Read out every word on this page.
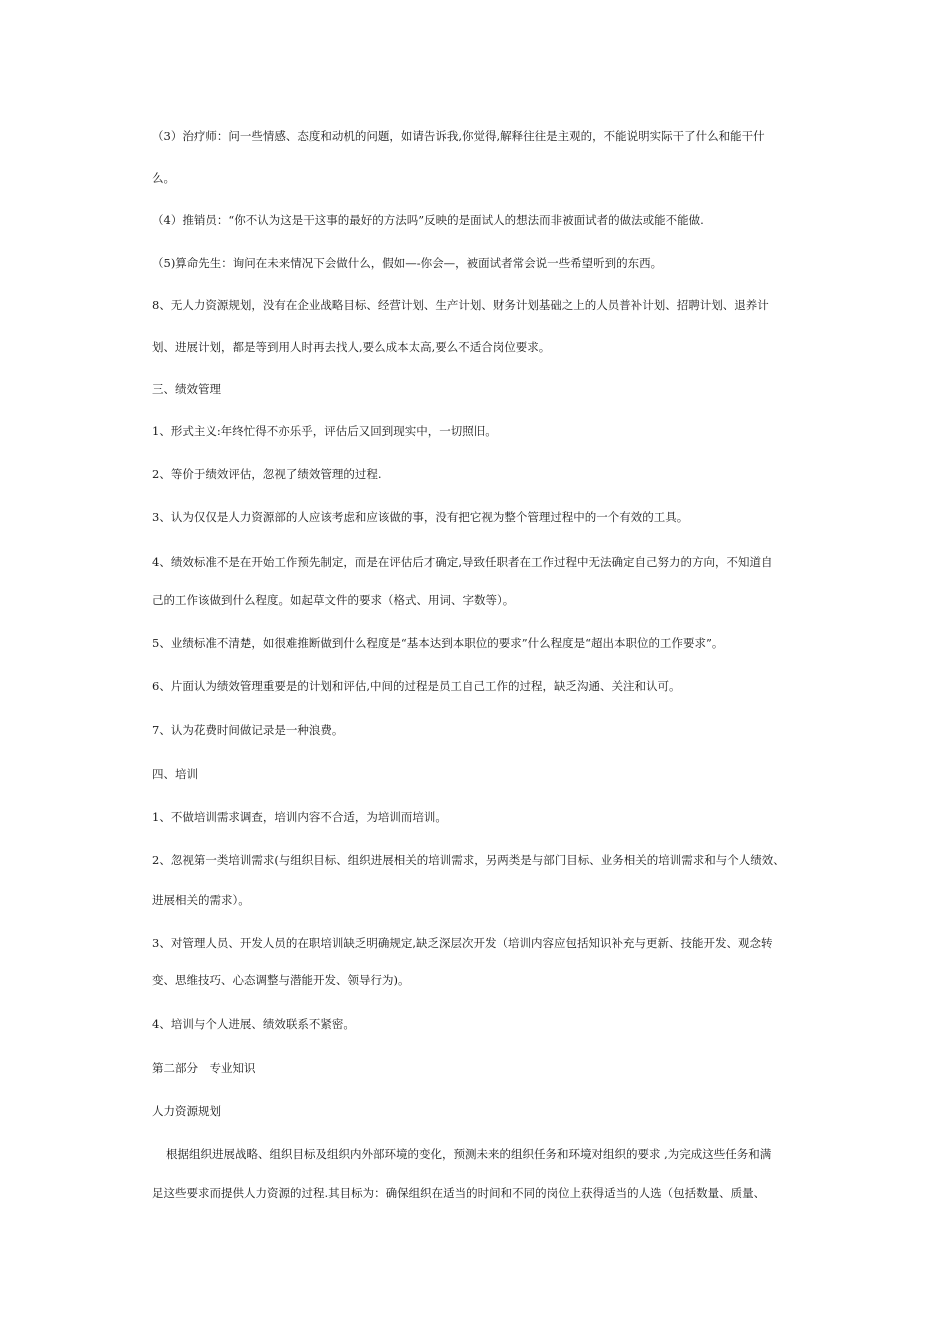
（3）治疗师：问一些情感、态度和动机的问题，如请告诉我,你觉得,解释往往是主观的，不能说明实际干了什么和能干什
么。
（4）推销员：“你不认为这是干这事的最好的方法吗”反映的是面试人的想法而非被面试者的做法或能不能做.
（5)算命先生：询问在未来情况下会做什么，假如—-你会—，被面试者常会说一些希望听到的东西。
8、无人力资源规划，没有在企业战略目标、经营计划、生产计划、财务计划基础之上的人员普补计划、招聘计划、退养计
划、进展计划，都是等到用人时再去找人,要么成本太高,要么不适合岗位要求。
三、绩效管理
1、形式主义:年终忙得不亦乐乎，评估后又回到现实中，一切照旧。
2、等价于绩效评估，忽视了绩效管理的过程.
3、认为仅仅是人力资源部的人应该考虑和应该做的事，没有把它视为整个管理过程中的一个有效的工具。
4、绩效标准不是在开始工作预先制定，而是在评估后才确定,导致任职者在工作过程中无法确定自己努力的方向，不知道自
己的工作该做到什么程度。如起草文件的要求（格式、用词、字数等）。
5、业绩标准不清楚，如很难推断做到什么程度是“基本达到本职位的要求”什么程度是“超出本职位的工作要求”。
6、片面认为绩效管理重要是的计划和评估,中间的过程是员工自己工作的过程，缺乏沟通、关注和认可。
7、认为花费时间做记录是一种浪费。
四、培训
1、不做培训需求调查，培训内容不合适，为培训而培训。
2、忽视第一类培训需求(与组织目标、组织进展相关的培训需求，另两类是与部门目标、业务相关的培训需求和与个人绩效、
进展相关的需求）。
3、对管理人员、开发人员的在职培训缺乏明确规定,缺乏深层次开发（培训内容应包括知识补充与更新、技能开发、观念转
变、思维技巧、心态调整与潜能开发、领导行为)。
4、培训与个人进展、绩效联系不紧密。
第二部分　专业知识
人力资源规划
根据组织进展战略、组织目标及组织内外部环境的变化，预测未来的组织任务和环境对组织的要求 ,为完成这些任务和满
足这些要求而提供人力资源的过程.其目标为：确保组织在适当的时间和不同的岗位上获得适当的人选（包括数量、质量、
